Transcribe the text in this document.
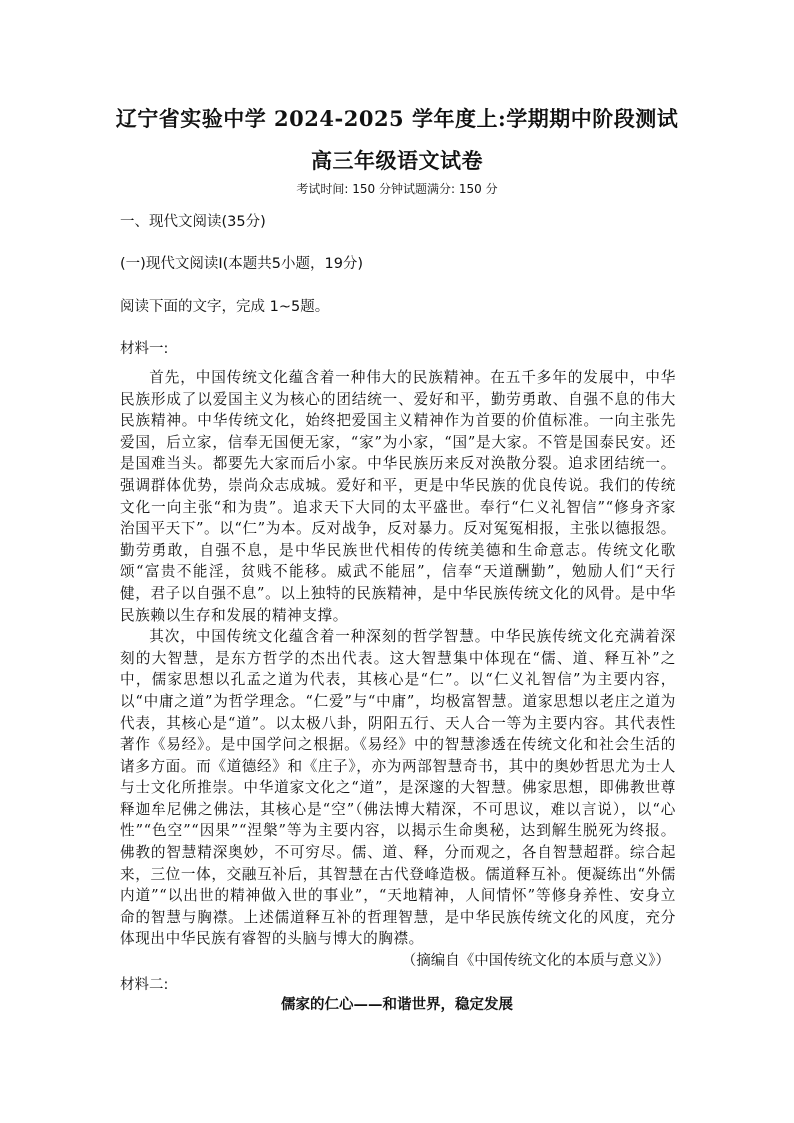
辽宁省实验中学 2024-2025 学年度上:学期期中阶段测试
高三年级语文试卷
考试时间: 150 分钟试题满分: 150 分
一、现代文阅读(35分)
(一)现代文阅读I(本题共5小题，19分)
阅读下面的文字，完成 1~5题。
材料一:

首先，中国传统文化蕴含着一种伟大的民族精神。在五千多年的发展中，中华民族形成了以爱国主义为核心的团结统一、爱好和平，勤劳勇敢、自强不息的伟大民族精神。中华传统文化，始终把爱国主义精神作为首要的价值标准。一向主张先爱国，后立家，信奉无国便无家，“家”为小家，“国”是大家。不管是国泰民安。还是国难当头。都要先大家而后小家。中华民族历来反对涣散分裂。追求团结统一。强调群体优势，崇尚众志成城。爱好和平，更是中华民族的优良传说。我们的传统文化一向主张“和为贵”。追求天下大同的太平盛世。奉行“仁义礼智信”“修身齐家治国平天下”。以“仁”为本。反对战争，反对暴力。反对冤冤相报，主张以德报怨。勤劳勇敢，自强不息，是中华民族世代相传的传统美德和生命意志。传统文化歌颂“富贵不能淫，贫贱不能移。威武不能屈”，信奉“天道酬勤”，勉励人们“天行健，君子以自强不息”。以上独特的民族精神，是中华民族传统文化的风骨。是中华民族赖以生存和发展的精神支撑。

其次，中国传统文化蕴含着一种深刻的哲学智慧。中华民族传统文化充满着深刻的大智慧，是东方哲学的杰出代表。这大智慧集中体现在“儒、道、释互补”之中，儒家思想以孔孟之道为代表，其核心是“仁”。以“仁义礼智信”为主要内容，以“中庸之道”为哲学理念。“仁爱”与“中庸”，均极富智慧。道家思想以老庄之道为代表，其核心是“道”。以太极八卦，阴阳五行、天人合一等为主要内容。其代表性著作《易经》。是中国学问之根据。《易经》中的智慧渗透在传统文化和社会生活的诸多方面。而《道德经》和《庄子》，亦为两部智慧奇书，其中的奥妙哲思尤为士人与士文化所推崇。中华道家文化之“道”，是深邃的大智慧。佛家思想，即佛教世尊释迦牟尼佛之佛法，其核心是“空”（佛法博大精深，不可思议，难以言说），以“心性”“色空”“因果”“涅槃”等为主要内容，以揭示生命奥秘，达到解生脱死为终报。佛教的智慧精深奥妙，不可穷尽。儒、道、释，分而观之，各自智慧超群。综合起来，三位一体，交融互补后，其智慧在古代登峰造极。儒道释互补。便凝练出“外儒内道”“以出世的精神做入世的事业”，“天地精神，人间情怀”等修身养性、安身立命的智慧与胸襟。上述儒道释互补的哲理智慧，是中华民族传统文化的风度，充分体现出中华民族有睿智的头脑与博大的胸襟。

（摘编自《中国传统文化的本质与意义》）
材料二:
儒家的仁心——和谐世界，稳定发展
